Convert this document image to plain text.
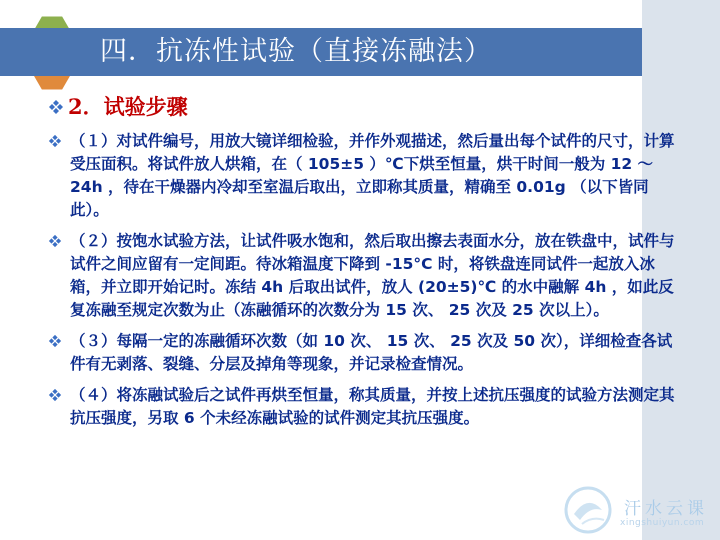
四．抗冻性试验（直接冻融法）
2．试验步骤
（１）对试件编号，用放大镜详细检验，并作外观描述，然后量出每个试件的尺寸，计算受压面积。将试件放人烘箱，在（ 105±5 ）℃下烘至恒量，烘干时间一般为 12 ～ 24h ，待在干燥器内冷却至室温后取出，立即称其质量，精确至 0.01g （以下皆同此）。
（２）按饱水试验方法，让试件吸水饱和，然后取出擦去表面水分，放在铁盘中，试件与试件之间应留有一定间距。待冰箱温度下降到 -15°C 时，将铁盘连同试件一起放入冰箱，并立即开始记时。冻结 4h 后取出试件，放人 (20±5)℃ 的水中融解 4h ，如此反复冻融至规定次数为止（冻融循环的次数分为 15 次、 25 次及 25 次以上）。
（３）每隔一定的冻融循环次数（如 10 次、 15 次、 25 次及 50 次），详细检查各试件有无剥落、裂缝、分层及掉角等现象，并记录检查情况。
（４）将冻融试验后之试件再烘至恒量，称其质量，并按上述抗压强度的试验方法测定其抗压强度，另取 6 个未经冻融试验的试件测定其抗压强度。
汗水云课
xingshuiyun.com
